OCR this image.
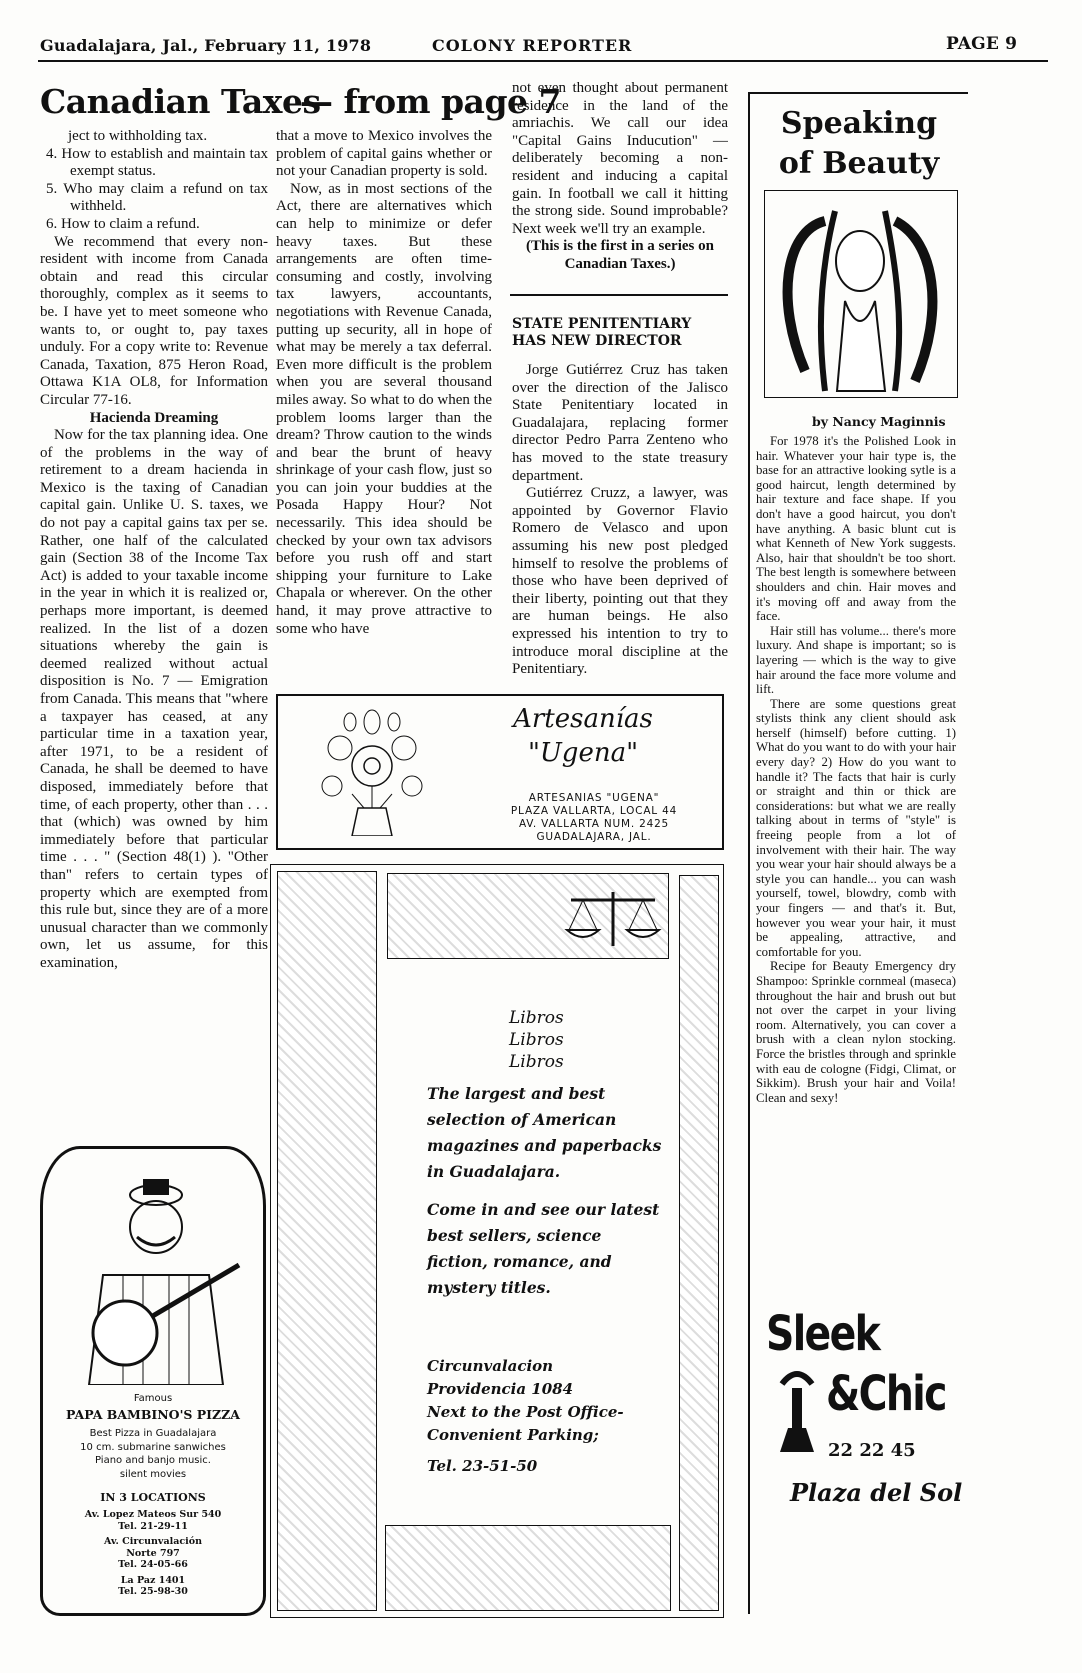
Guadalajara, Jal., February 11, 1978	COLONY REPORTER	PAGE 9
Canadian Taxes
— from page 7

ject to withholding tax.

4. How to establish and maintain tax exempt status.

5. Who may claim a refund on tax withheld.

6. How to claim a refund.

We recommend that every non-resident with income from Canada obtain and read this circular thoroughly, complex as it seems to be. I have yet to meet someone who wants to, or ought to, pay taxes unduly. For a copy write to: Revenue Canada, Taxation, 875 Heron Road, Ottawa K1A OL8, for Information Circular 77-16.

Hacienda Dreaming

Now for the tax planning idea. One of the problems in the way of retirement to a dream hacienda in Mexico is the taxing of Canadian capital gain. Unlike U. S. taxes, we do not pay a capital gains tax per se. Rather, one half of the calculated gain (Section 38 of the Income Tax Act) is added to your taxable income in the year in which it is realized or, perhaps more important, is deemed realized. In the list of a dozen situations whereby the gain is deemed realized without actual disposition is No. 7 — Emigration from Canada. This means that "where a taxpayer has ceased, at any particular time in a taxation year, after 1971, to be a resident of Canada, he shall be deemed to have disposed, immediately before that time, of each property, other than . . . that (which) was owned by him immediately before that particular time . . . " (Section 48(1) ). "Other than" refers to certain types of property which are exempted from this rule but, since they are of a more unusual character than we commonly own, let us assume, for this examination,

that a move to Mexico involves the problem of capital gains whether or not your Canadian property is sold.

Now, as in most sections of the Act, there are alternatives which can help to minimize or defer heavy taxes. But these arrangements are often time-consuming and costly, involving tax lawyers, accountants, negotiations with Revenue Canada, putting up security, all in hope of what may be merely a tax deferral. Even more difficult is the problem when you are several thousand miles away. So what to do when the problem looms larger than the dream? Throw caution to the winds and bear the brunt of heavy shrinkage of your cash flow, just so you can join your buddies at the Posada Happy Hour? Not necessarily. This idea should be checked by your own tax advisors before you rush off and start shipping your furniture to Lake Chapala or wherever. On the other hand, it may prove attractive to some who have

not even thought about permanent residence in the land of the amriachis. We call our idea "Capital Gains Inducution" — deliberately becoming a non-resident and inducing a capital gain. In football we call it hitting the strong side. Sound improbable? Next week we'll try an example.

(This is the first in a series on Canadian Taxes.)

STATE PENITENTIARY HAS NEW DIRECTOR

Jorge Gutiérrez Cruz has taken over the direction of the Jalisco State Penitentiary located in Guadalajara, replacing former director Pedro Parra Zenteno who has moved to the state treasury department.

Gutiérrez Cruzz, a lawyer, was appointed by Governor Flavio Romero de Velasco and upon assuming his new post pledged himself to resolve the problems of those who have been deprived of their liberty, pointing out that they are human beings. He also expressed his intention to try to introduce moral discipline at the Penitentiary.

Artesanías
"Ugena"
ARTESANIAS "UGENA"
PLAZA VALLARTA, LOCAL 44
AV. VALLARTA NUM. 2425
GUADALAJARA, JAL.
Libros
Libros
Libros
The largest and best
selection of American
magazines and paperbacks
in Guadalajara.
Come in and see our latest
best sellers, science
fiction, romance, and
mystery titles.
Circunvalacion
Providencia 1084
Next to the Post Office-
Convenient Parking;
Tel. 23-51-50
Famous
PAPA BAMBINO'S PIZZA
Best Pizza in Guadalajara
10 cm. submarine sanwiches
Piano and banjo music.
silent movies
IN 3 LOCATIONS
Av. Lopez Mateos Sur 540
Tel. 21-29-11
Av. Circunvalación
Norte 797
Tel. 24-05-66
La Paz 1401
Tel. 25-98-30
Speaking
of Beauty
by Nancy Maginnis

For 1978 it's the Polished Look in hair. Whatever your hair type is, the base for an attractive looking sytle is a good haircut, length determined by hair texture and face shape. If you don't have a good haircut, you don't have anything. A basic blunt cut is what Kenneth of New York suggests. Also, hair that shouldn't be too short. The best length is somewhere between shoulders and chin. Hair moves and it's moving off and away from the face.

Hair still has volume... there's more luxury. And shape is important; so is layering — which is the way to give hair around the face more volume and lift.

There are some questions great stylists think any client should ask herself (himself) before cutting. 1) What do you want to do with your hair every day? 2) How do you want to handle it? The facts that hair is curly or straight and thin or thick are considerations: but what we are really talking about in terms of "style" is freeing people from a lot of involvement with their hair. The way you wear your hair should always be a style you can handle... you can wash yourself, towel, blowdry, comb with your fingers — and that's it. But, however you wear your hair, it must be appealing, attractive, and comfortable for you.

Recipe for Beauty Emergency dry Shampoo: Sprinkle cornmeal (maseca) throughout the hair and brush out but not over the carpet in your living room. Alternatively, you can cover a brush with a clean nylon stocking. Force the bristles through and sprinkle with eau de cologne (Fidgi, Climat, or Sikkim). Brush your hair and Voila! Clean and sexy!

Sleek
&Chic
22 22 45
Plaza del Sol
